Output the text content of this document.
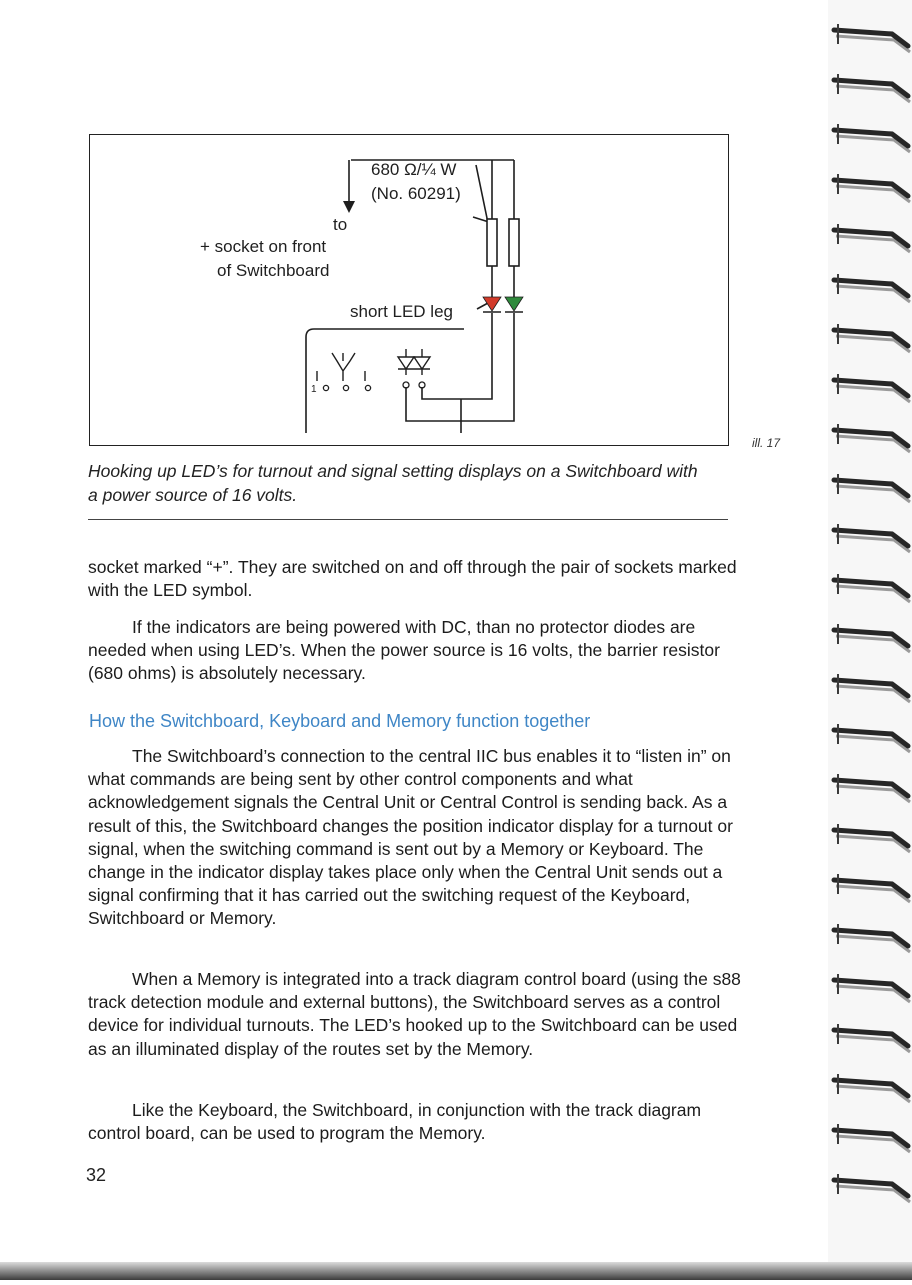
1
680 Ω/¼ W
(No. 60291)
to
+ socket on front
of Switchboard
short LED leg
ill. 17
Hooking up LED’s for turnout and signal setting displays on a Switchboard with a power source of 16 volts.

socket marked “+”. They are switched on and off through the pair of sockets marked with the LED symbol.

If the indicators are being powered with DC, than no protector diodes are needed when using LED’s. When the power source is 16 volts, the barrier resistor (680 ohms) is absolutely necessary.

How the Switchboard, Keyboard and Memory function together

The Switchboard’s connection to the central IIC bus enables it to “listen in” on what commands are being sent by other control components and what acknowledgement signals the Central Unit or Central Control is sending back. As a result of this, the Switchboard changes the position indicator display for a turnout or signal, when the switching command is sent out by a Memory or Keyboard. The change in the indicator display takes place only when the Central Unit sends out a signal confirming that it has carried out the switching request of the Keyboard, Switchboard or Memory.

When a Memory is integrated into a track diagram control board (using the s88 track detection module and external buttons), the Switchboard serves as a control device for individual turnouts. The LED’s hooked up to the Switchboard can be used as an illuminated display of the routes set by the Memory.

Like the Keyboard, the Switchboard, in conjunction with the track diagram control board, can be used to program the Memory.

32
